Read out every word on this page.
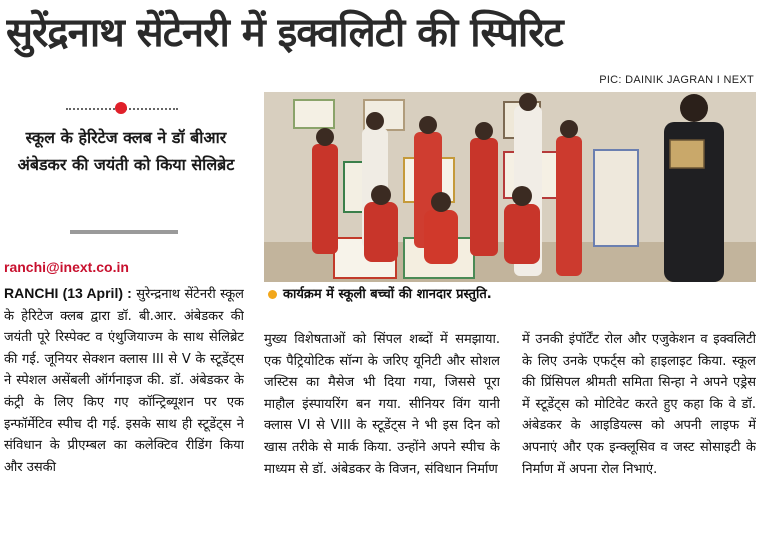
सुरेंद्रनाथ सेंटेनरी में इक्वलिटी की स्पिरिट
PIC: DAINIK JAGRAN I NEXT
स्कूल के हेरिटेज क्लब ने डॉ बीआर अंबेडकर की जयंती को किया सेलिब्रेट
ranchi@inext.co.in
RANCHI (13 April) : सुरेन्द्रनाथ सेंटेनरी स्कूल के हेरिटेज क्लब द्वारा डॉ. बी.आर. अंबेडकर की जयंती पूरे रिस्पेक्ट व एंथुजियाज्म के साथ सेलिब्रेट की गई. जूनियर सेक्शन क्लास III से V के स्टूडेंट्स ने स्पेशल असेंबली ऑर्गनाइज की. डॉ. अंबेडकर के कंट्री के लिए किए गए कॉन्ट्रिब्यूशन पर एक इन्फॉर्मेटिव स्पीच दी गई. इसके साथ ही स्टूडेंट्स ने संविधान के प्रीएम्बल का कलेक्टिव रीडिंग किया और उसकी
कार्यक्रम में स्कूली बच्चों की शानदार प्रस्तुति.
मुख्य विशेषताओं को सिंपल शब्दों में समझाया. एक पैट्रियोटिक सॉन्ग के जरिए यूनिटी और सोशल जस्टिस का मैसेज भी दिया गया, जिससे पूरा माहौल इंस्पायरिंग बन गया. सीनियर विंग यानी क्लास VI से VIII के स्टूडेंट्स ने भी इस दिन को खास तरीके से मार्क किया. उन्होंने अपने स्पीच के माध्यम से डॉ. अंबेडकर के विजन, संविधान निर्माण
में उनकी इंपॉर्टेंट रोल और एजुकेशन व इक्वलिटी के लिए उनके एफर्ट्स को हाइलाइट किया. स्कूल की प्रिंसिपल श्रीमती समिता सिन्हा ने अपने एड्रेस में स्टूडेंट्स को मोटिवेट करते हुए कहा कि वे डॉ. अंबेडकर के आइडियल्स को अपनी लाइफ में अपनाएं और एक इन्क्लूसिव व जस्ट सोसाइटी के निर्माण में अपना रोल निभाएं.
